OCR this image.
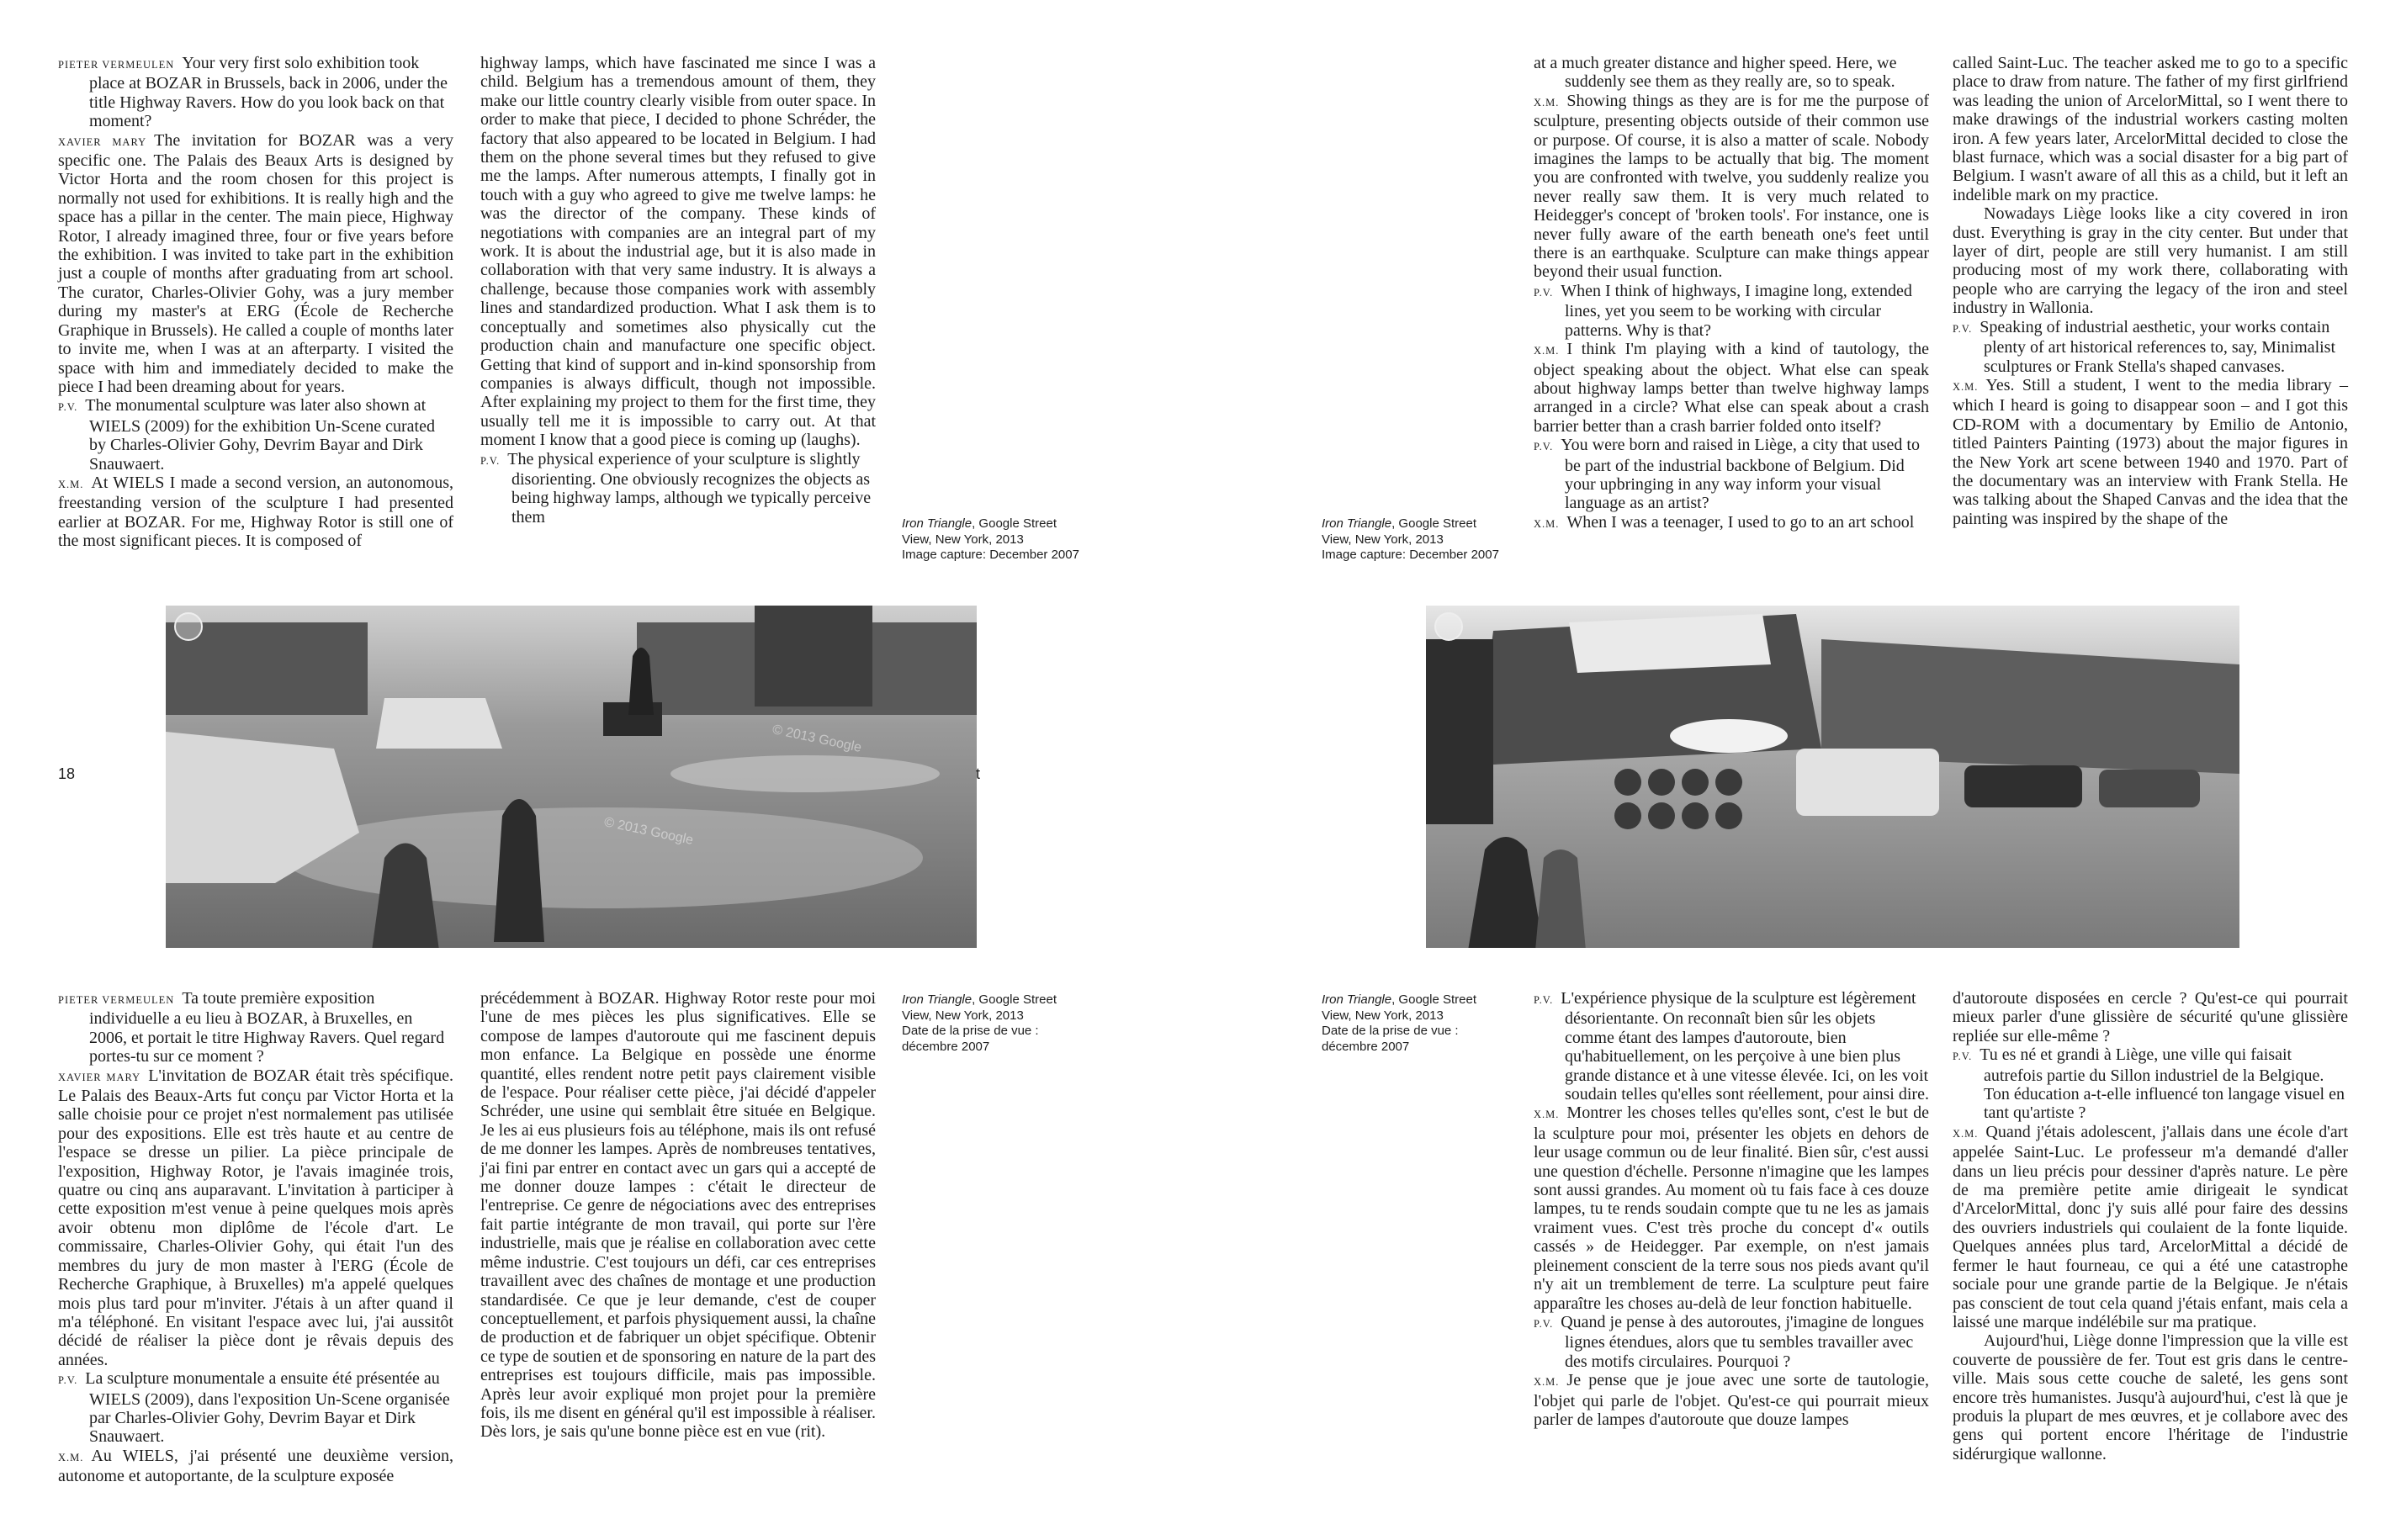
PIETER VERMEULEN Your very first solo exhibition took place at BOZAR in Brussels, back in 2006, under the title Highway Ravers. How do you look back on that moment?

XAVIER MARY The invitation for BOZAR was a very specific one. The Palais des Beaux Arts is designed by Victor Horta and the room chosen for this project is normally not used for exhibitions. It is really high and the space has a pillar in the center. The main piece, Highway Rotor, I already imagined three, four or five years before the exhibition. I was invited to take part in the exhibition just a couple of months after graduating from art school. The curator, Charles-Olivier Gohy, was a jury member during my master's at ERG (École de Recherche Graphique in Brussels). He called a couple of months later to invite me, when I was at an afterparty. I visited the space with him and immediately decided to make the piece I had been dreaming about for years.

P.V. The monumental sculpture was later also shown at WIELS (2009) for the exhibition Un-Scene curated by Charles-Olivier Gohy, Devrim Bayar and Dirk Snauwaert.

X.M. At WIELS I made a second version, an autonomous, freestanding version of the sculpture I had presented earlier at BOZAR. For me, Highway Rotor is still one of the most significant pieces. It is composed of

highway lamps, which have fascinated me since I was a child. Belgium has a tremendous amount of them, they make our little country clearly visible from outer space. In order to make that piece, I decided to phone Schréder, the factory that also appeared to be located in Belgium. I had them on the phone several times but they refused to give me the lamps. After numerous attempts, I finally got in touch with a guy who agreed to give me twelve lamps: he was the director of the company. These kinds of negotiations with companies are an integral part of my work. It is about the industrial age, but it is also made in collaboration with that very same industry. It is always a challenge, because those companies work with assembly lines and standardized production. What I ask them is to conceptually and sometimes also physically cut the production chain and manufacture one specific object. Getting that kind of support and in-kind sponsorship from companies is always difficult, though not impossible. After explaining my project to them for the first time, they usually tell me it is impossible to carry out. At that moment I know that a good piece is coming up (laughs).

P.V. The physical experience of your sculpture is slightly disorienting. One obviously recognizes the objects as being highway lamps, although we typically perceive them

at a much greater distance and higher speed. Here, we suddenly see them as they really are, so to speak.

X.M. Showing things as they are is for me the purpose of sculpture, presenting objects outside of their common use or purpose. Of course, it is also a matter of scale. Nobody imagines the lamps to be actually that big. The moment you are confronted with twelve, you suddenly realize you never really saw them. It is very much related to Heidegger's concept of 'broken tools'. For instance, one is never fully aware of the earth beneath one's feet until there is an earthquake. Sculpture can make things appear beyond their usual function.

P.V. When I think of highways, I imagine long, extended lines, yet you seem to be working with circular patterns. Why is that?

X.M. I think I'm playing with a kind of tautology, the object speaking about the object. What else can speak about highway lamps better than twelve highway lamps arranged in a circle? What else can speak about a crash barrier better than a crash barrier folded onto itself?

P.V. You were born and raised in Liège, a city that used to be part of the industrial backbone of Belgium. Did your upbringing in any way inform your visual language as an artist?

X.M. When I was a teenager, I used to go to an art school

called Saint-Luc. The teacher asked me to go to a specific place to draw from nature. The father of my first girlfriend was leading the union of ArcelorMittal, so I went there to make drawings of the industrial workers casting molten iron. A few years later, ArcelorMittal decided to close the blast furnace, which was a social disaster for a big part of Belgium. I wasn't aware of all this as a child, but it left an indelible mark on my practice.

Nowadays Liège looks like a city covered in iron dust. Everything is gray in the city center. But under that layer of dirt, people are still very humanist. I am still producing most of my work there, collaborating with people who are carrying the legacy of the iron and steel industry in Wallonia.

P.V. Speaking of industrial aesthetic, your works contain plenty of art historical references to, say, Minimalist sculptures or Frank Stella's shaped canvases.

X.M. Yes. Still a student, I went to the media library – which I heard is going to disappear soon – and I got this CD-ROM with a documentary by Emilio de Antonio, titled Painters Painting (1973) about the major figures in the New York art scene between 1940 and 1970. Part of the documentary was an interview with Frank Stella. He was talking about the Shaped Canvas and the idea that the painting was inspired by the shape of the

PIETER VERMEULEN Ta toute première exposition individuelle a eu lieu à BOZAR, à Bruxelles, en 2006, et portait le titre Highway Ravers. Quel regard portes-tu sur ce moment ?

XAVIER MARY L'invitation de BOZAR était très spécifique. Le Palais des Beaux-Arts fut conçu par Victor Horta et la salle choisie pour ce projet n'est normalement pas utilisée pour des expositions. Elle est très haute et au centre de l'espace se dresse un pilier. La pièce principale de l'exposition, Highway Rotor, je l'avais imaginée trois, quatre ou cinq ans auparavant. L'invitation à participer à cette exposition m'est venue à peine quelques mois après avoir obtenu mon diplôme de l'école d'art. Le commissaire, Charles-Olivier Gohy, qui était l'un des membres du jury de mon master à l'ERG (École de Recherche Graphique, à Bruxelles) m'a appelé quelques mois plus tard pour m'inviter. J'étais à un after quand il m'a téléphoné. En visitant l'espace avec lui, j'ai aussitôt décidé de réaliser la pièce dont je rêvais depuis des années.

P.V. La sculpture monumentale a ensuite été présentée au WIELS (2009), dans l'exposition Un-Scene organisée par Charles-Olivier Gohy, Devrim Bayar et Dirk Snauwaert.

X.M. Au WIELS, j'ai présenté une deuxième version, autonome et autoportante, de la sculpture exposée

précédemment à BOZAR. Highway Rotor reste pour moi l'une de mes pièces les plus significatives. Elle se compose de lampes d'autoroute qui me fascinent depuis mon enfance. La Belgique en possède une énorme quantité, elles rendent notre petit pays clairement visible de l'espace. Pour réaliser cette pièce, j'ai décidé d'appeler Schréder, une usine qui semblait être située en Belgique. Je les ai eus plusieurs fois au téléphone, mais ils ont refusé de me donner les lampes. Après de nombreuses tentatives, j'ai fini par entrer en contact avec un gars qui a accepté de me donner douze lampes : c'était le directeur de l'entreprise. Ce genre de négociations avec des entreprises fait partie intégrante de mon travail, qui porte sur l'ère industrielle, mais que je réalise en collaboration avec cette même industrie. C'est toujours un défi, car ces entreprises travaillent avec des chaînes de montage et une production standardisée. Ce que je leur demande, c'est de couper conceptuellement, et parfois physiquement aussi, la chaîne de production et de fabriquer un objet spécifique. Obtenir ce type de soutien et de sponsoring en nature de la part des entreprises est toujours difficile, mais pas impossible. Après leur avoir expliqué mon projet pour la première fois, ils me disent en général qu'il est impossible à réaliser. Dès lors, je sais qu'une bonne pièce est en vue (rit).

P.V. L'expérience physique de la sculpture est légèrement désorientante. On reconnaît bien sûr les objets comme étant des lampes d'autoroute, bien qu'habituellement, on les perçoive à une bien plus grande distance et à une vitesse élevée. Ici, on les voit soudain telles qu'elles sont réellement, pour ainsi dire.

X.M. Montrer les choses telles qu'elles sont, c'est le but de la sculpture pour moi, présenter les objets en dehors de leur usage commun ou de leur finalité. Bien sûr, c'est aussi une question d'échelle. Personne n'imagine que les lampes sont aussi grandes. Au moment où tu fais face à ces douze lampes, tu te rends soudain compte que tu ne les as jamais vraiment vues. C'est très proche du concept d'« outils cassés » de Heidegger. Par exemple, on n'est jamais pleinement conscient de la terre sous nos pieds avant qu'il n'y ait un tremblement de terre. La sculpture peut faire apparaître les choses au-delà de leur fonction habituelle.

P.V. Quand je pense à des autoroutes, j'imagine de longues lignes étendues, alors que tu sembles travailler avec des motifs circulaires. Pourquoi ?

X.M. Je pense que je joue avec une sorte de tautologie, l'objet qui parle de l'objet. Qu'est-ce qui pourrait mieux parler de lampes d'autoroute que douze lampes

d'autoroute disposées en cercle ? Qu'est-ce qui pourrait mieux parler d'une glissière de sécurité qu'une glissière repliée sur elle-même ?

P.V. Tu es né et grandi à Liège, une ville qui faisait autrefois partie du Sillon industriel de la Belgique. Ton éducation a-t-elle influencé ton langage visuel en tant qu'artiste ?

X.M. Quand j'étais adolescent, j'allais dans une école d'art appelée Saint-Luc. Le professeur m'a demandé d'aller dans un lieu précis pour dessiner d'après nature. Le père de ma première petite amie dirigeait le syndicat d'ArcelorMittal, donc j'y suis allé pour faire des dessins des ouvriers industriels qui coulaient de la fonte liquide. Quelques années plus tard, ArcelorMittal a décidé de fermer le haut fourneau, ce qui a été une catastrophe sociale pour une grande partie de la Belgique. Je n'étais pas conscient de tout cela quand j'étais enfant, mais cela a laissé une marque indélébile sur ma pratique.

Aujourd'hui, Liège donne l'impression que la ville est couverte de poussière de fer. Tout est gris dans le centre-ville. Mais sous cette couche de saleté, les gens sont encore très humanistes. Jusqu'à aujourd'hui, c'est là que je produis la plupart de mes œuvres, et je collabore avec des gens qui portent encore l'héritage de l'industrie sidérurgique wallonne.

Iron Triangle, Google Street
View, New York, 2013
Image capture: December 2007
Iron Triangle, Google Street
View, New York, 2013
Image capture: December 2007
Iron Triangle, Google Street
View, New York, 2013
Date de la prise de vue :
décembre 2007
Iron Triangle, Google Street
View, New York, 2013
Date de la prise de vue :
décembre 2007
© 2013 Google
© 2013 Google
18	t
